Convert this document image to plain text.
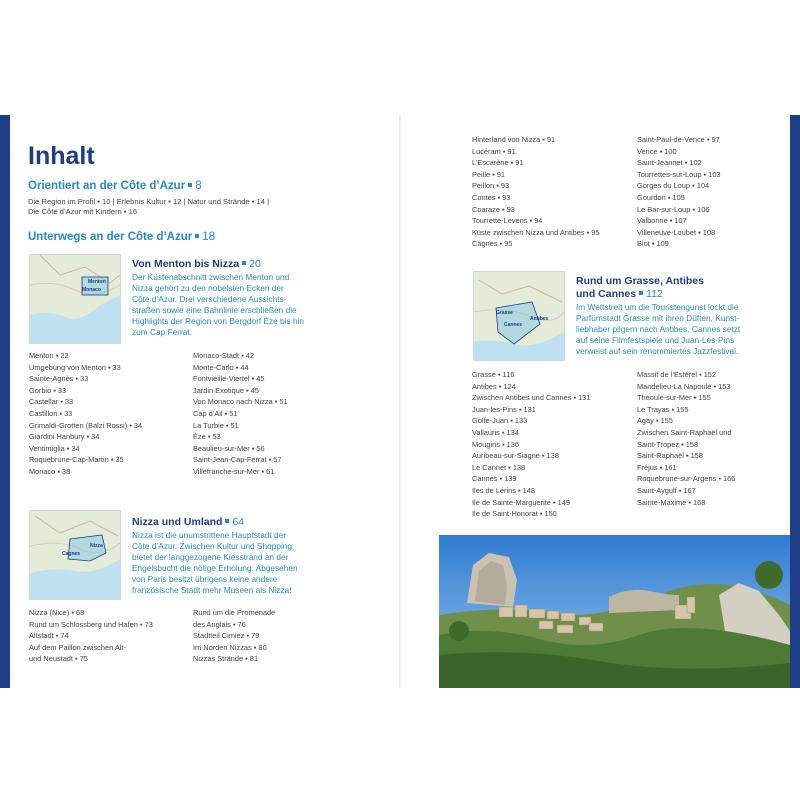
Inhalt
Orientiert an der Côte d’Azur 8
Die Region im Profil ▪ 10 | Erlebnis Kultur ▪ 12 | Natur und Strände ▪ 14 |
Die Côte d’Azur mit Kindern ▪ 16
Unterwegs an der Côte d’Azur 18
Menton
Monaco
Von Menton bis Nizza 20
Der Küstenabschnitt zwischen Menton und
Nizza gehört zu den nobelsten Ecken der
Côte d’Azur. Drei verschiedene Aussichts-
straßen sowie eine Bahnlinie erschließen die
Highlights der Region von Bergdorf Èze bis hin
zum Cap Ferrat.
Menton ▪ 22
Umgebung von Menton ▪ 33
Sainte-Agnès ▪ 33
Gorbio ▪ 33
Castellar ▪ 33
Castillon ▪ 33
Grimaldi-Grotten (Balzi Rossi) ▪ 34
Giardini Hanbury ▪ 34
Ventimiglia ▪ 34
Roquebrune-Cap-Martin ▪ 35
Monaco ▪ 38
Monaco-Stadt ▪ 42
Monte-Carlo ▪ 44
Fontvieille-Viertel ▪ 45
Jardin Exotique ▪ 45
Von Monaco nach Nizza ▪ 51
Cap d’Ail ▪ 51
La Turbie ▪ 51
Èze ▪ 53
Beaulieu-sur-Mer ▪ 56
Saint-Jean-Cap-Ferrat ▪ 57
Villefranche-sur-Mer ▪ 61
Nizza
Cagnes
Nizza und Umland 64
Nizza ist die unumstrittene Hauptstadt der
Côte d’Azur. Zwischen Kultur und Shopping
bietet der langgezogene Kiesstrand an der
Engelsbucht die nötige Erholung. Abgesehen
von Paris besitzt übrigens keine andere
französische Stadt mehr Museen als Nizza!
Nizza (Nice) ▪ 68
Rund um Schlossberg und Hafen ▪ 73
Altstadt ▪ 74
Auf dem Paillon zwischen Alt-
und Neustadt ▪ 75
Rund um die Promenade
des Anglais ▪ 76
Stadtteil Cimiez ▪ 79
Im Norden Nizzas ▪ 80
Nizzas Strände ▪ 81
Hinterland von Nizza ▪ 91
Lucéram ▪ 91
L’Escarène ▪ 91
Peille ▪ 91
Peillon ▪ 93
Contes ▪ 93
Coaraze ▪ 93
Tourrette-Levens ▪ 94
Küste zwischen Nizza und Antibes ▪ 95
Cagnes ▪ 95
Saint-Paul-de-Vence ▪ 97
Vence ▪ 100
Saint-Jeannet ▪ 102
Tourrettes-sur-Loup ▪ 103
Gorges du Loup ▪ 104
Gourdon ▪ 105
Le Bar-sur-Loup ▪ 106
Valbonne ▪ 107
Villeneuve-Loubet ▪ 108
Biot ▪ 109
Grasse
Antibes
Cannes
Rund um Grasse, Antibes
und Cannes 112
Im Wettstreit um die Touristengunst lockt die
Parfümstadt Grasse mit ihren Düften, Kunst-
liebhaber pilgern nach Antibes, Cannes setzt
auf seine Filmfestspiele und Juan-Les-Pins
verweist auf sein renommiertes Jazzfestival.
Grasse ▪ 116
Antibes ▪ 124
Zwischen Antibes und Cannes ▪ 131
Juan-les-Pins ▪ 131
Golfe-Juan ▪ 133
Vallauris ▪ 134
Mougins ▪ 136
Auribeau-sur-Siagne ▪ 138
Le Cannet ▪ 138
Cannes ▪ 139
Iles de Lérins ▪ 148
Ile de Sainte-Marguerite ▪ 149
Ile de Saint-Honorat ▪ 150
Massif de l’Estérel ▪ 152
Mandelieu-La Napoule ▪ 153
Théoule-sur-Mer ▪ 155
Le Trayas ▪ 155
Agay ▪ 155
Zwischen Saint-Raphaël und
Saint-Tropez ▪ 158
Saint-Raphaël ▪ 158
Fréjus ▪ 161
Roquebrune-sur-Argens ▪ 166
Saint-Aygulf ▪ 167
Sainte-Maxime ▪ 168
